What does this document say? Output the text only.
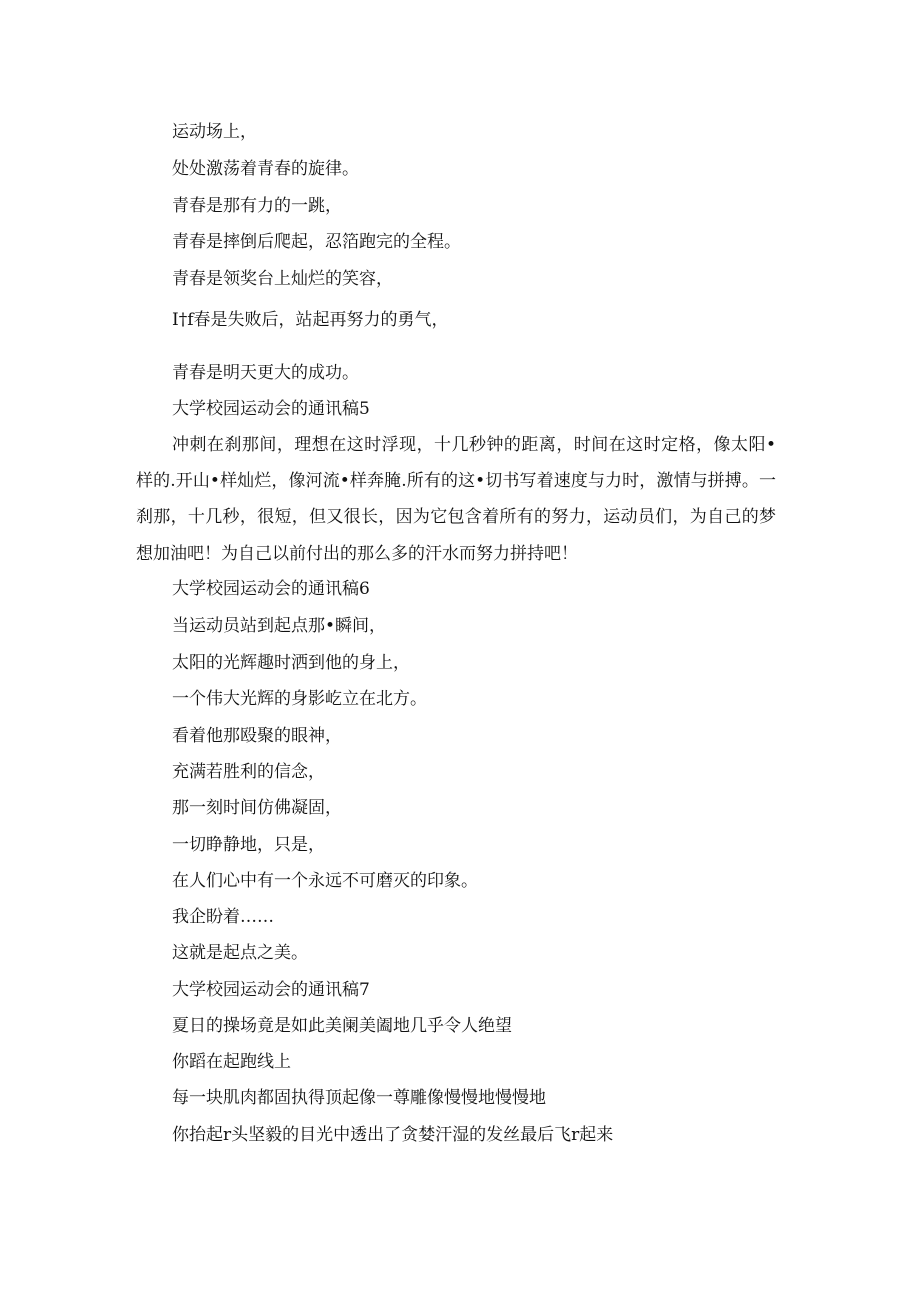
运动场上，

处处激荡着青春的旋律。

青春是那有力的一跳，

青春是摔倒后爬起，忍箔跑完的全程。

青春是领奖台上灿烂的笑容，

I†f春是失败后，站起再努力的勇气，

青春是明天更大的成功。

大学校园运动会的通讯稿5

冲刺在刹那间，理想在这时浮现，十几秒钟的距离，时间在这时定格，像太阳•样的.开山•样灿烂，像河流•样奔腌.所有的这•切书写着速度与力时，激情与拼搏。一刹那，十几秒，很短，但又很长，因为它包含着所有的努力，运动员们，为自己的梦想加油吧！为自己以前付出的那么多的汗水而努力拼持吧！

大学校园运动会的通讯稿6

当运动员站到起点那•瞬间，

太阳的光辉趣时洒到他的身上，

一个伟大光辉的身影屹立在北方。

看着他那殴聚的眼神，

充满若胜利的信念，

那一刻时间仿佛凝固，

一切睁静地，只是，

在人们心中有一个永远不可磨灭的印象。

我企盼着……

这就是起点之美。

大学校园运动会的通讯稿7

夏日的操场竟是如此美阑美阖地几乎令人绝望

你蹈在起跑线上

每一块肌肉都固执得顶起像一尊雕像慢慢地慢慢地

你抬起r头坚毅的目光中透出了贪婪汗湿的发丝最后飞r起来
